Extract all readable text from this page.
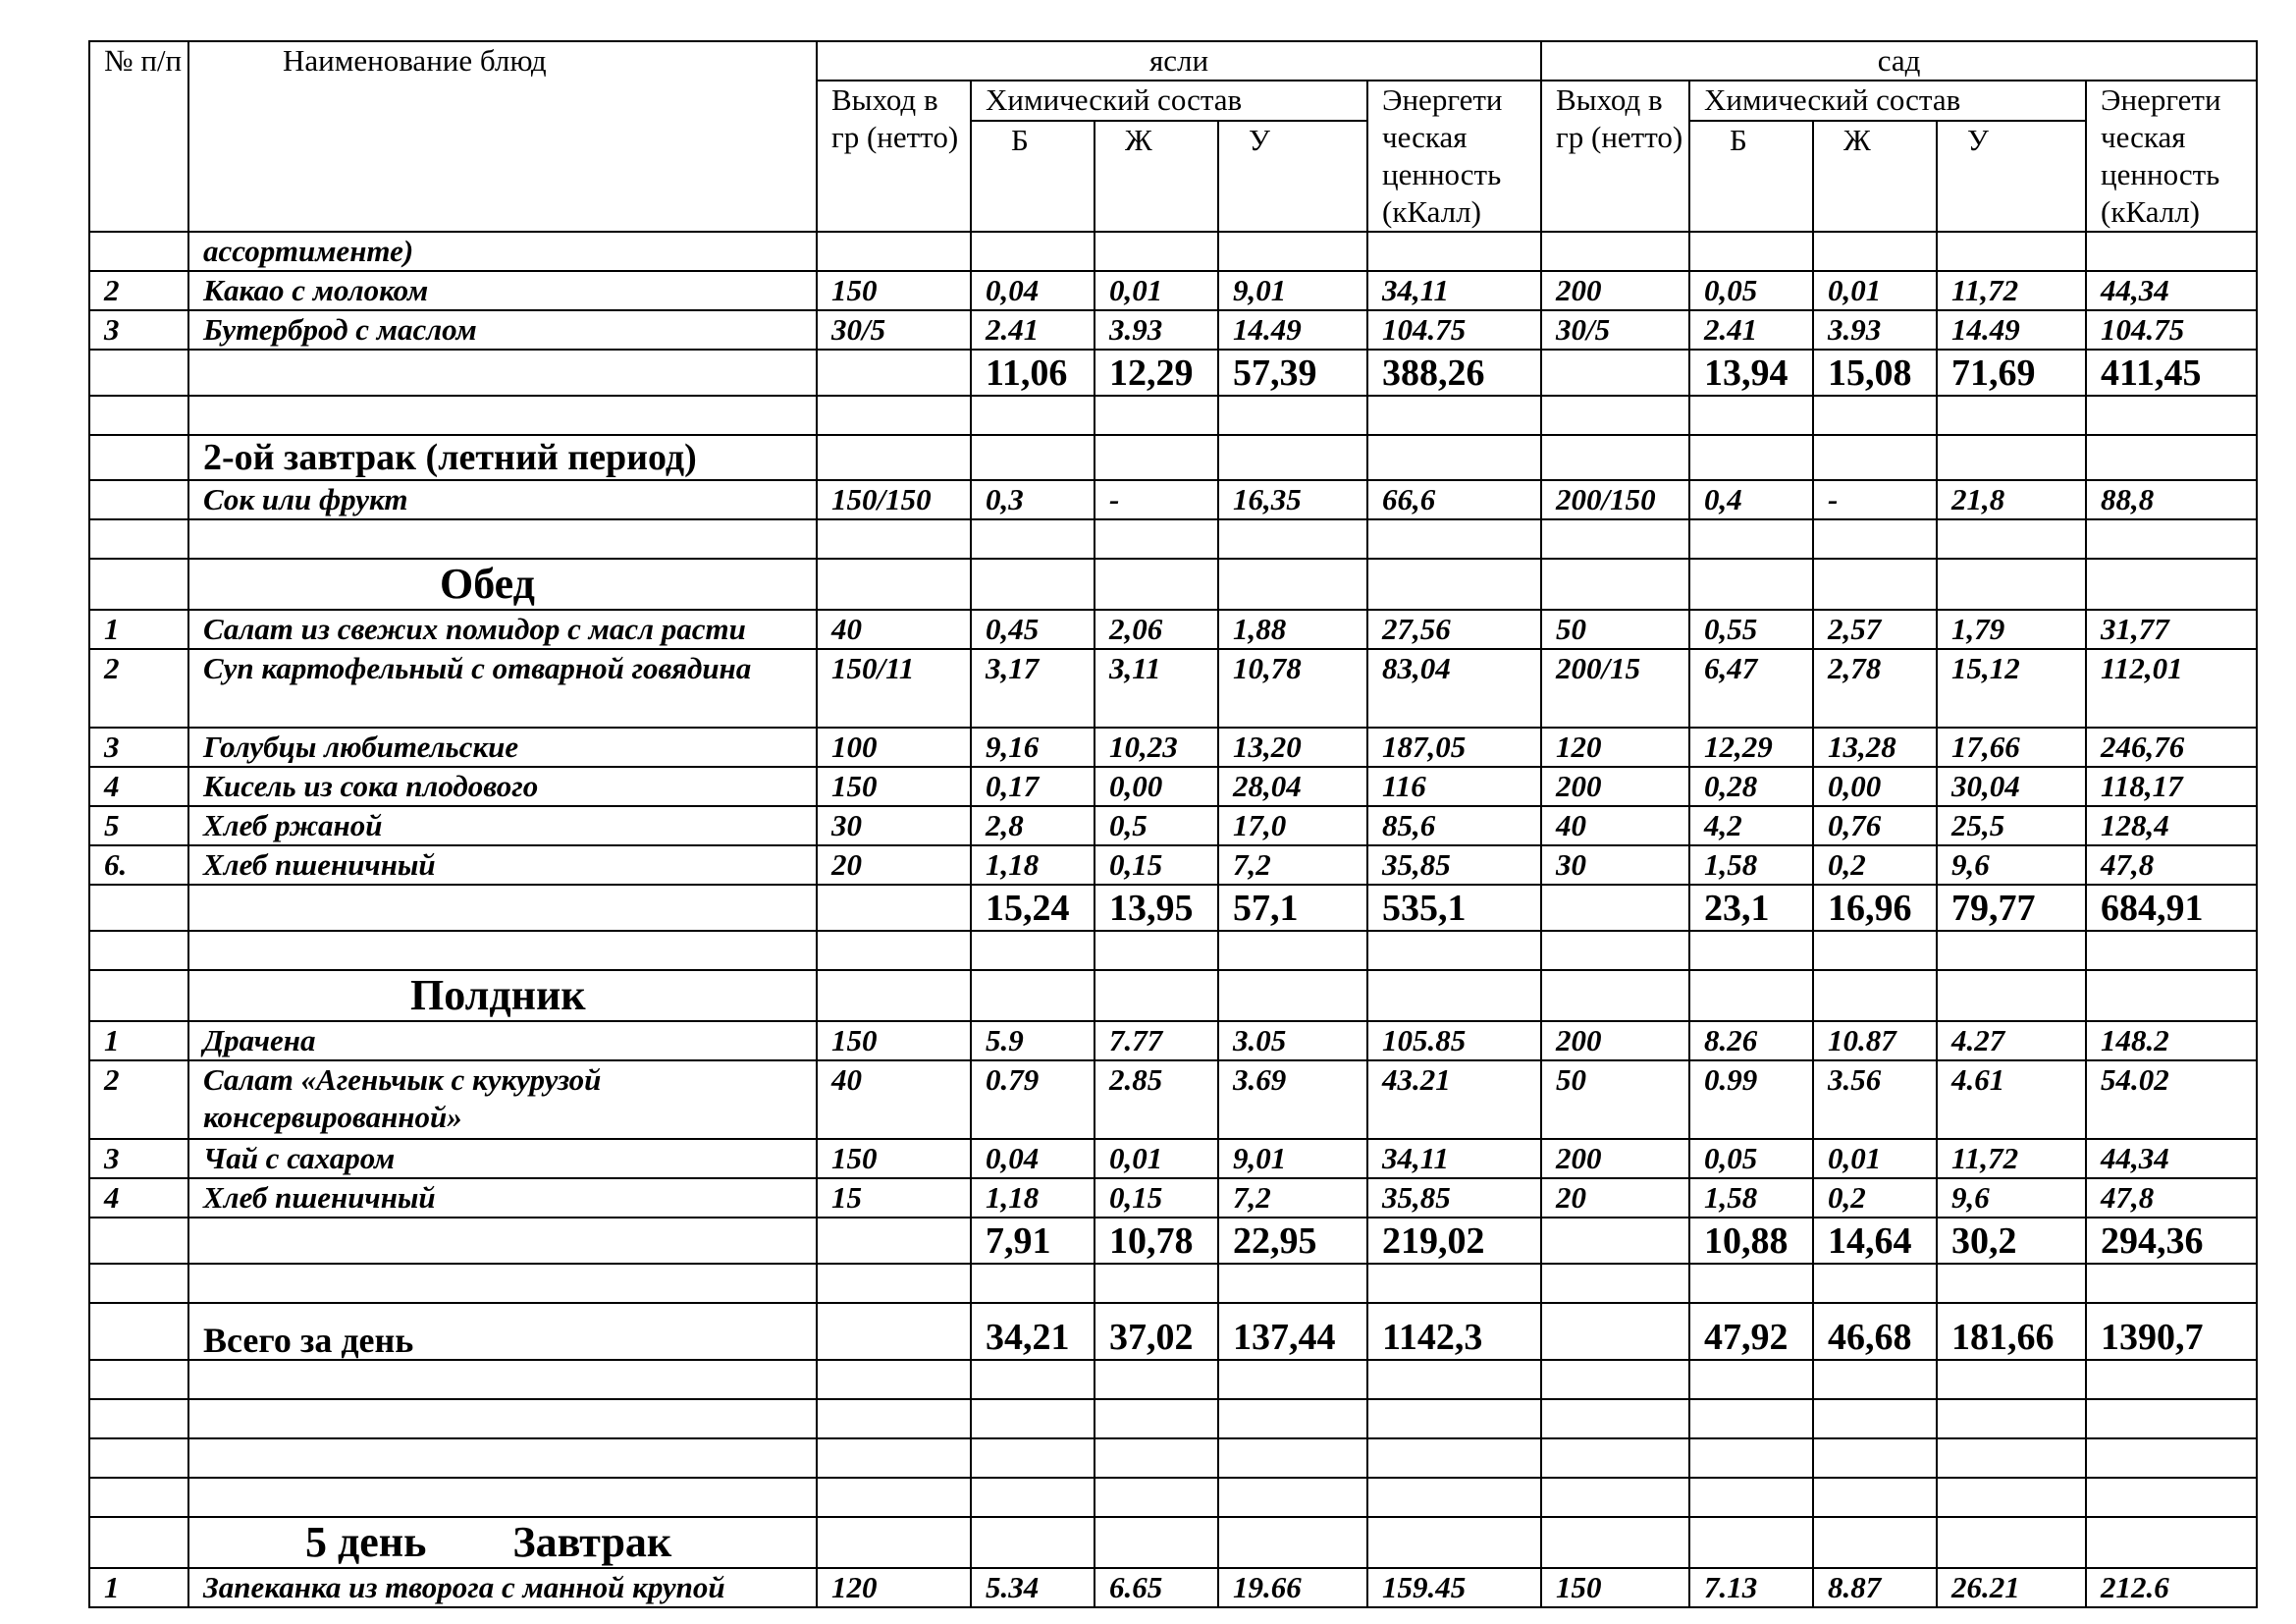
№ п/п	Наименование блюд	ясли					сад				
		Выход в гр (нетто)	Химический состав			Энергети ческая ценность (кКалл)	Выход в гр (нетто)	Химический состав			Энергети ческая ценность (кКалл)
			Б	Ж	У			Б	Ж	У	
	ассортименте)										
2	Какао с молоком	150	0,04	0,01	9,01	34,11	200	0,05	0,01	11,72	44,34
3	Бутерброд с маслом	30/5	2.41	3.93	14.49	104.75	30/5	2.41	3.93	14.49	104.75
			11,06	12,29	57,39	388,26		13,94	15,08	71,69	411,45

	2-ой завтрак (летний период)										
	Сок или фрукт	150/150	0,3	-	16,35	66,6	200/150	0,4	-	21,8	88,8

	Обед										
1	Салат из свежих помидор с масл расти	40	0,45	2,06	1,88	27,56	50	0,55	2,57	1,79	31,77
2	Суп картофельный с отварной говядина	150/11	3,17	3,11	10,78	83,04	200/15	6,47	2,78	15,12	112,01
3	Голубцы любительские	100	9,16	10,23	13,20	187,05	120	12,29	13,28	17,66	246,76
4	Кисель из сока плодового	150	0,17	0,00	28,04	116	200	0,28	0,00	30,04	118,17
5	Хлеб ржаной	30	2,8	0,5	17,0	85,6	40	4,2	0,76	25,5	128,4
6.	Хлеб пшеничный	20	1,18	0,15	7,2	35,85	30	1,58	0,2	9,6	47,8
			15,24	13,95	57,1	535,1		23,1	16,96	79,77	684,91

	Полдник										
1	Драчена	150	5.9	7.77	3.05	105.85	200	8.26	10.87	4.27	148.2
2	Салат «Агеньчык с кукурузой консервированной»	40	0.79	2.85	3.69	43.21	50	0.99	3.56	4.61	54.02
3	Чай с сахаром	150	0,04	0,01	9,01	34,11	200	0,05	0,01	11,72	44,34
4	Хлеб пшеничный	15	1,18	0,15	7,2	35,85	20	1,58	0,2	9,6	47,8
			7,91	10,78	22,95	219,02		10,88	14,64	30,2	294,36

	Всего за день		34,21	37,02	137,44	1142,3		47,92	46,68	181,66	1390,7

	5 день        Завтрак										
1	Запеканка из творога с манной крупой	120	5.34	6.65	19.66	159.45	150	7.13	8.87	26.21	212.6
